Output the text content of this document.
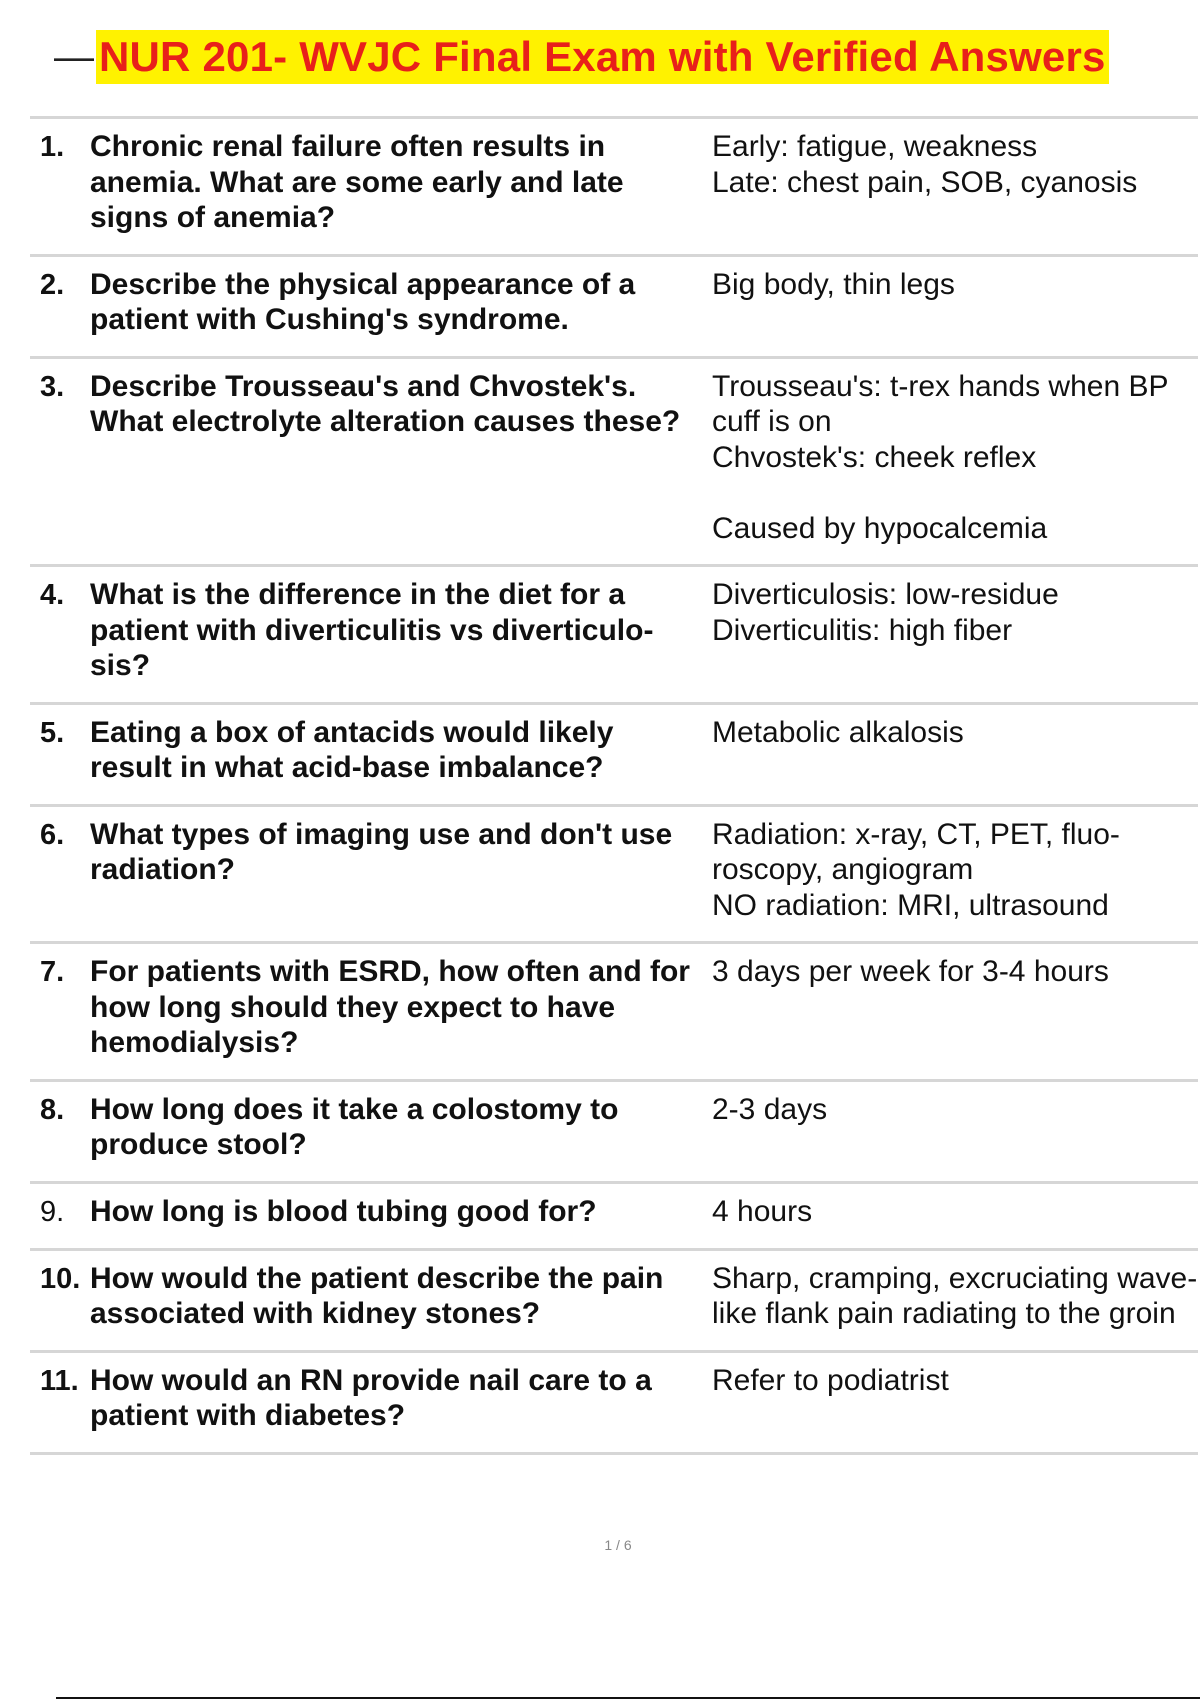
— NUR 201- WVJC Final Exam with Verified Answers
1. Chronic renal failure often results in anemia. What are some early and late signs of anemia?
Early: fatigue, weakness
Late: chest pain, SOB, cyanosis
2. Describe the physical appearance of a patient with Cushing's syndrome.
Big body, thin legs
3. Describe Trousseau's and Chvostek's. What electrolyte alteration causes these?
Trousseau's: t-rex hands when BP cuff is on
Chvostek's: cheek reflex

Caused by hypocalcemia
4. What is the difference in the diet for a patient with diverticulitis vs diverticulo- sis?
Diverticulosis: low-residue
Diverticulitis: high fiber
5. Eating a box of antacids would likely result in what acid-base imbalance?
Metabolic alkalosis
6. What types of imaging use and don't use radiation?
Radiation: x-ray, CT, PET, fluo- roscopy, angiogram
NO radiation: MRI, ultrasound
7. For patients with ESRD, how often and for how long should they expect to have hemodialysis?
3 days per week for 3-4 hours
8. How long does it take a colostomy to produce stool?
2-3 days
9. How long is blood tubing good for?	4 hours
10. How would the patient describe the pain associated with kidney stones?
Sharp, cramping, excruciating wave-like flank pain radiating to the groin
11. How would an RN provide nail care to a patient with diabetes?
Refer to podiatrist
1 / 6
